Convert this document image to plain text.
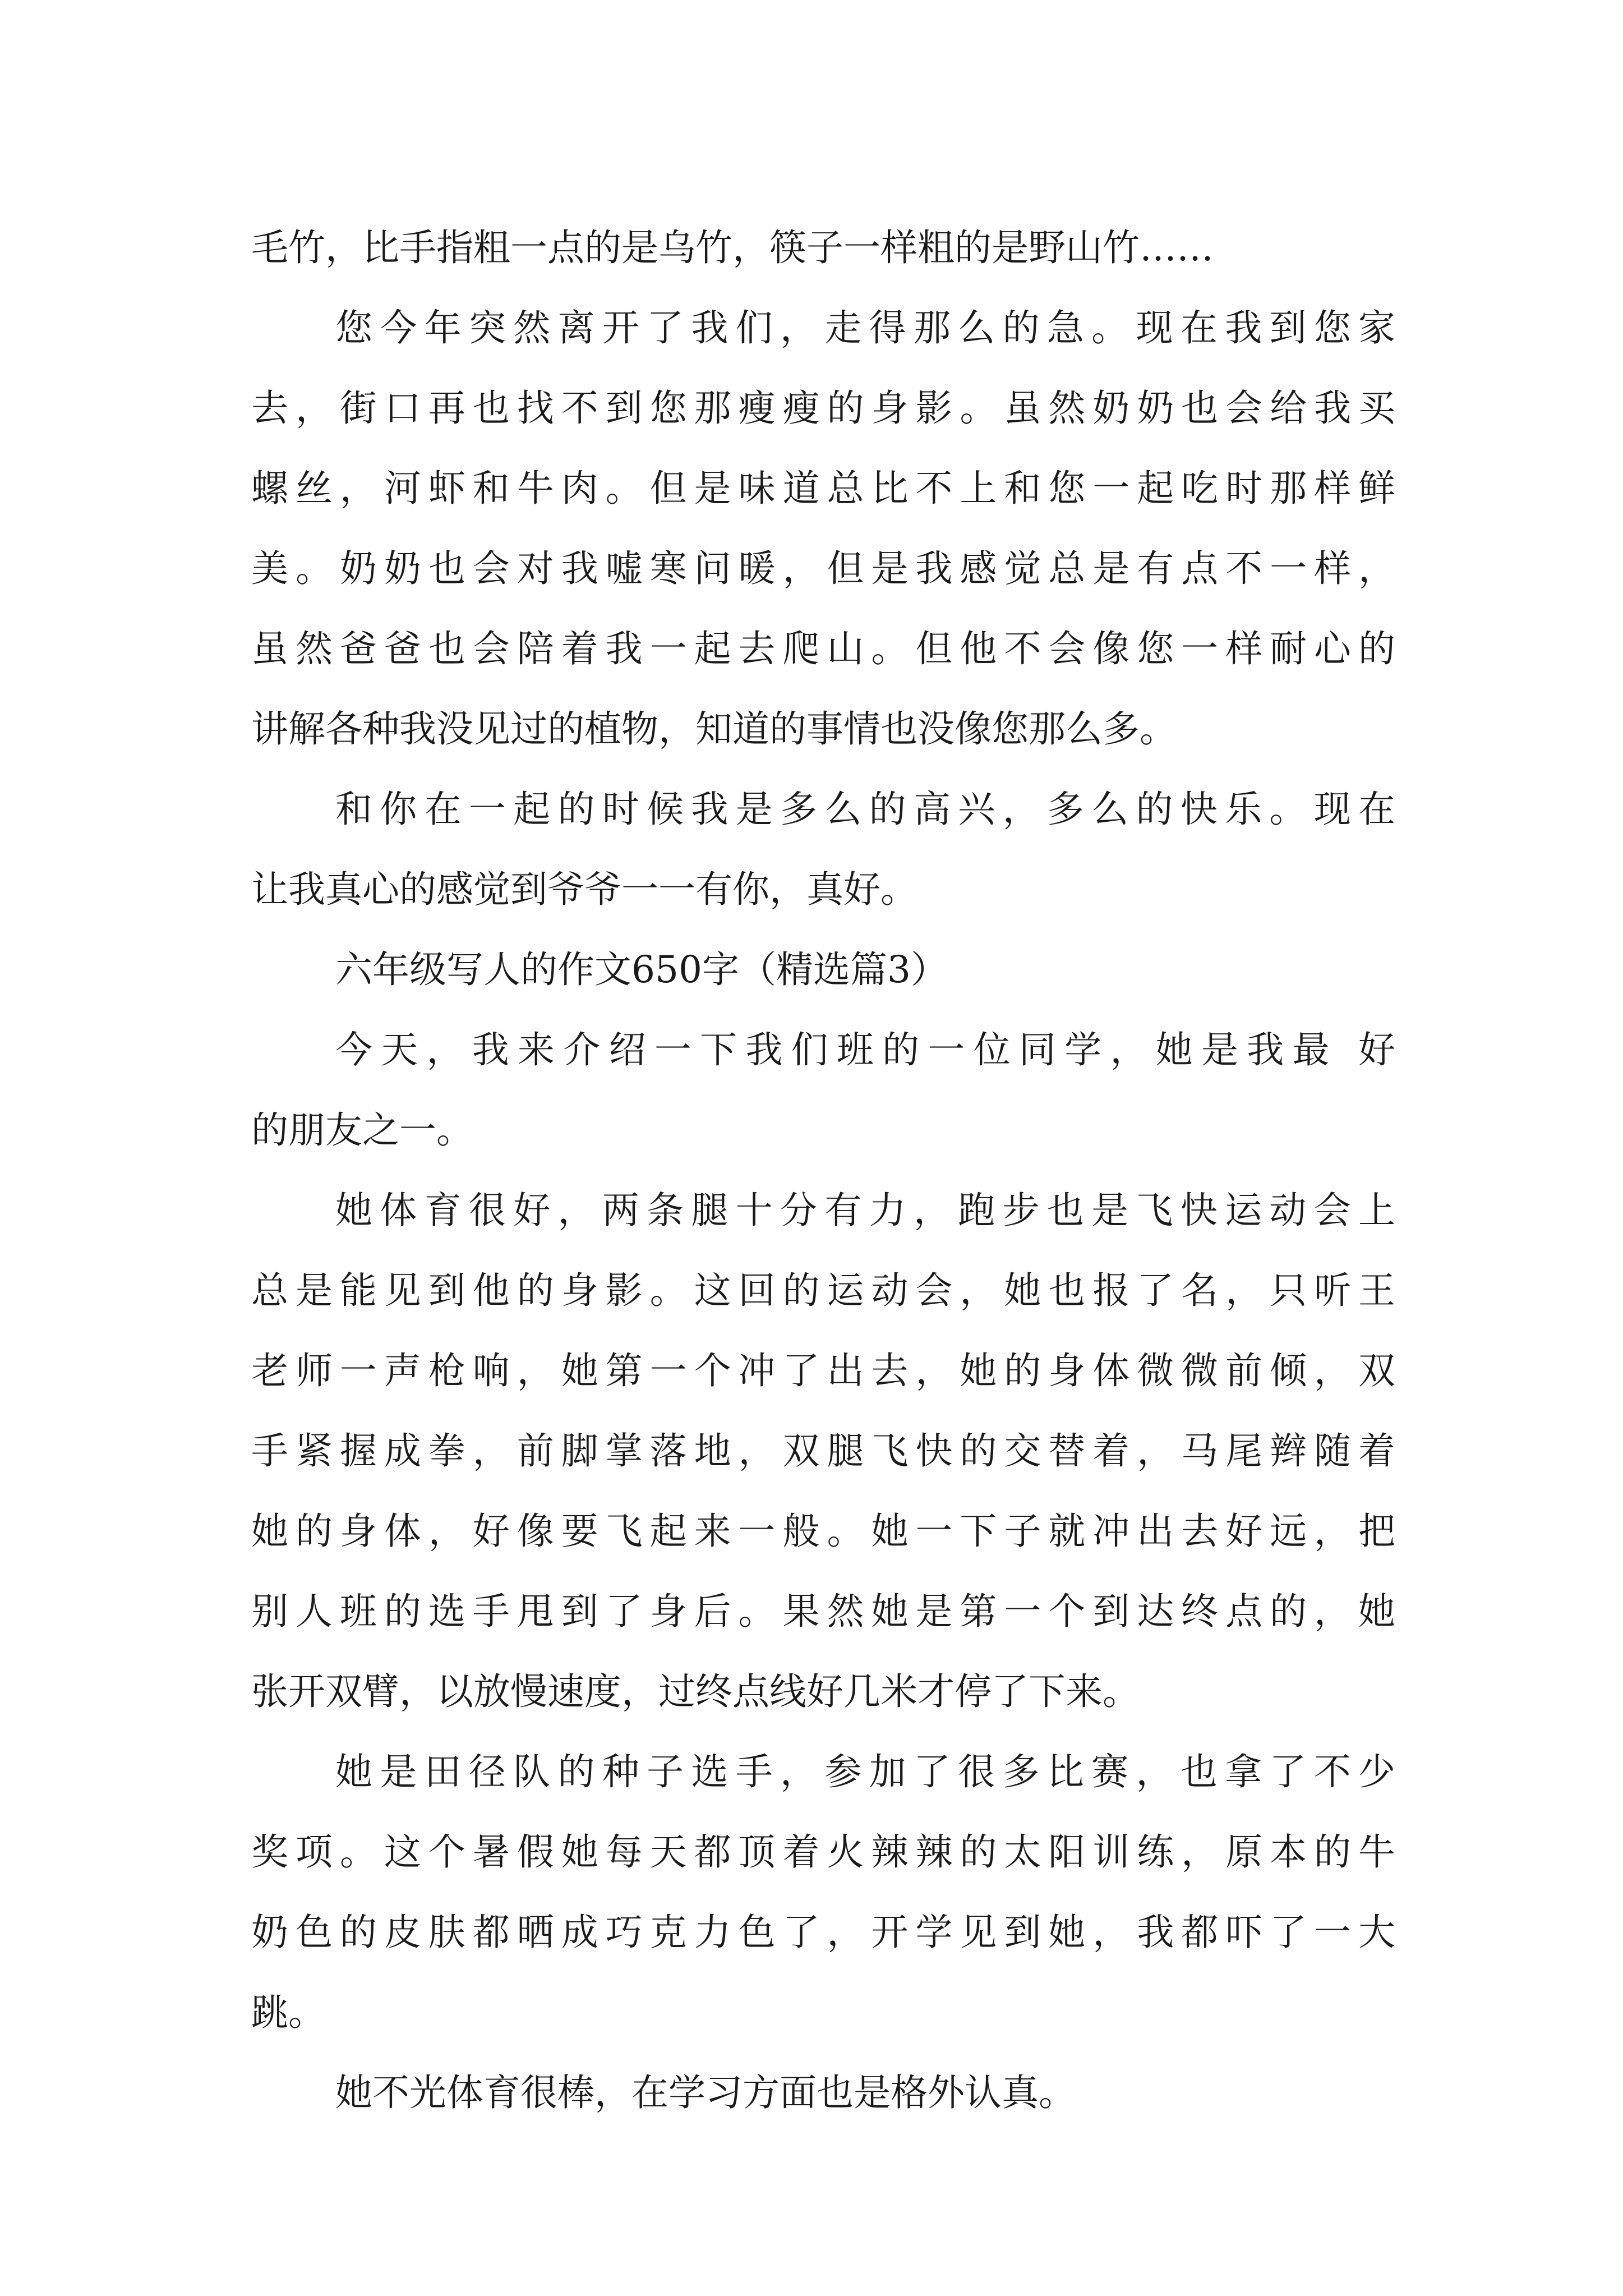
毛竹，比手指粗一点的是乌竹，筷子一样粗的是野山竹……
您今年突然离开了我们，走得那么的急。现在我到您家
去，街口再也找不到您那瘦瘦的身影。虽然奶奶也会给我买
螺丝，河虾和牛肉。但是味道总比不上和您一起吃时那样鲜
美。奶奶也会对我嘘寒问暖，但是我感觉总是有点不一样，
虽然爸爸也会陪着我一起去爬山。但他不会像您一样耐心的
讲解各种我没见过的植物，知道的事情也没像您那么多。
和你在一起的时候我是多么的高兴，多么的快乐。现在
让我真心的感觉到爷爷一一有你，真好。
六年级写人的作文650字（精选篇3）
今天，我来介绍一下我们班的一位同学，她是我最 好
的朋友之一。
她体育很好，两条腿十分有力，跑步也是飞快运动会上
总是能见到他的身影。这回的运动会，她也报了名，只听王
老师一声枪响，她第一个冲了出去，她的身体微微前倾，双
手紧握成拳，前脚掌落地，双腿飞快的交替着，马尾辫随着
她的身体，好像要飞起来一般。她一下子就冲出去好远，把
别人班的选手甩到了身后。果然她是第一个到达终点的，她
张开双臂，以放慢速度，过终点线好几米才停了下来。
她是田径队的种子选手，参加了很多比赛，也拿了不少
奖项。这个暑假她每天都顶着火辣辣的太阳训练，原本的牛
奶色的皮肤都晒成巧克力色了，开学见到她，我都吓了一大
跳。
她不光体育很棒，在学习方面也是格外认真。
